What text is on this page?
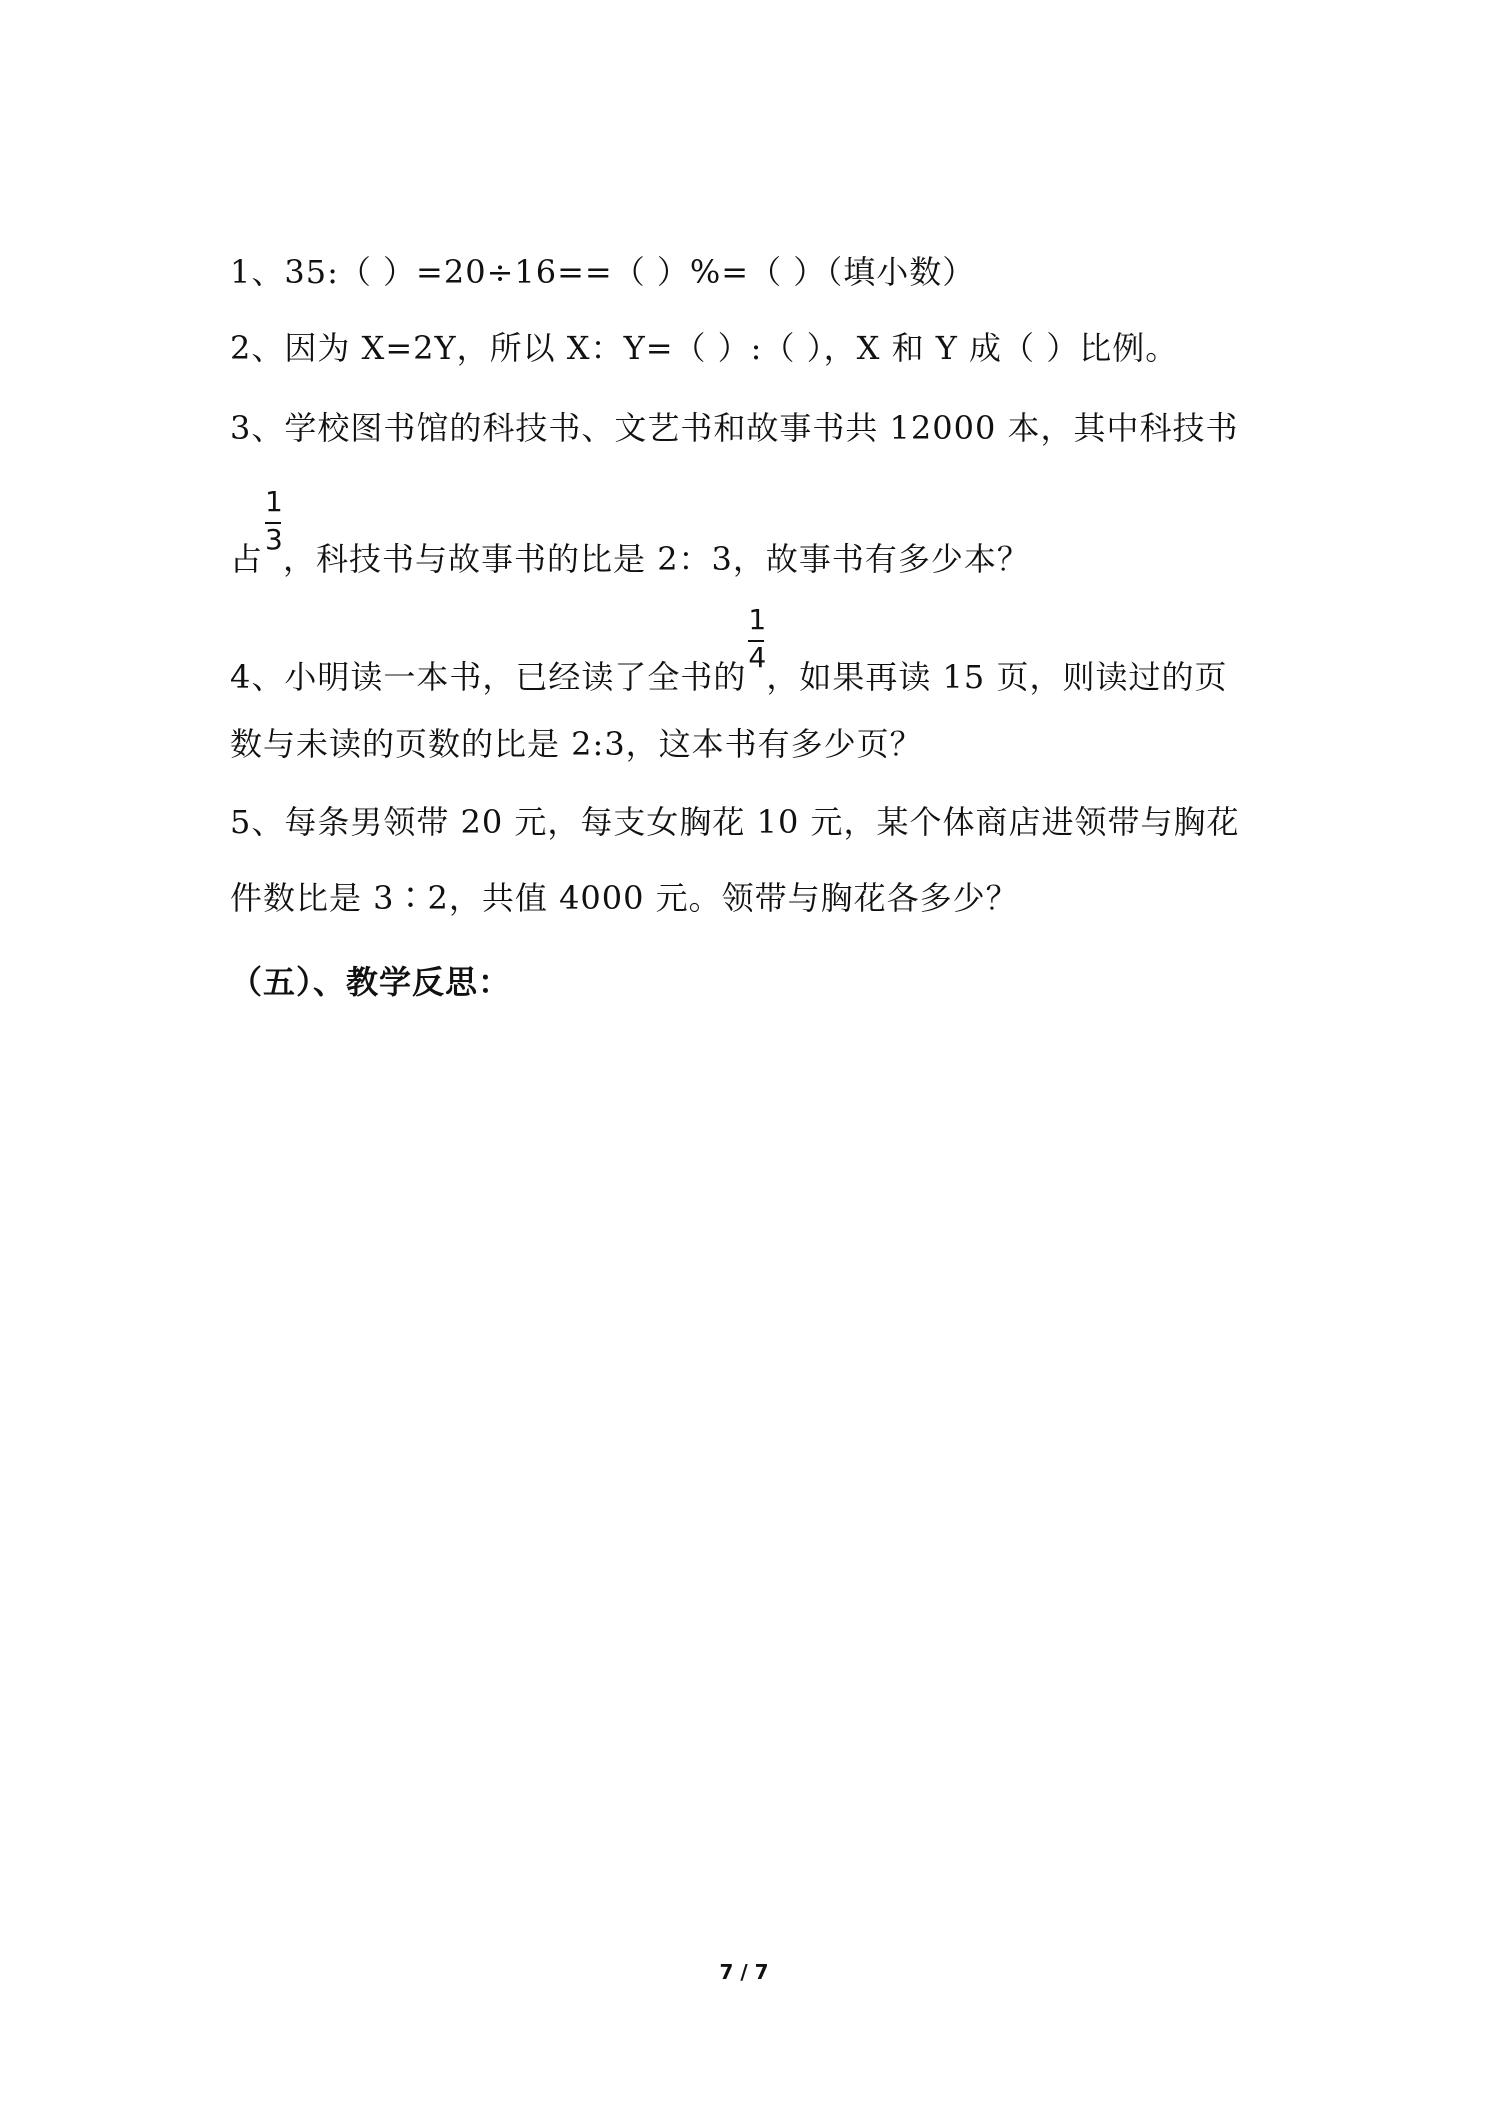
1、35:（ ）=20÷16==（ ）%=（ ）（填小数）
2、因为 X=2Y，所以 X：Y=（ ）:（ ），X 和 Y 成（ ）比例。
3、学校图书馆的科技书、文艺书和故事书共 12000 本，其中科技书
占 $\frac{1}{3}$ ，科技书与故事书的比是 2：3，故事书有多少本？
4、小明读一本书，已经读了全书的 $\frac{1}{4}$ ，如果再读 15 页，则读过的页
数与未读的页数的比是 2:3，这本书有多少页？
5、每条男领带 20 元，每支女胸花 10 元，某个体商店进领带与胸花
件数比是 3∶2，共值 4000 元。领带与胸花各多少？
（五）、教学反思：
7 / 7
